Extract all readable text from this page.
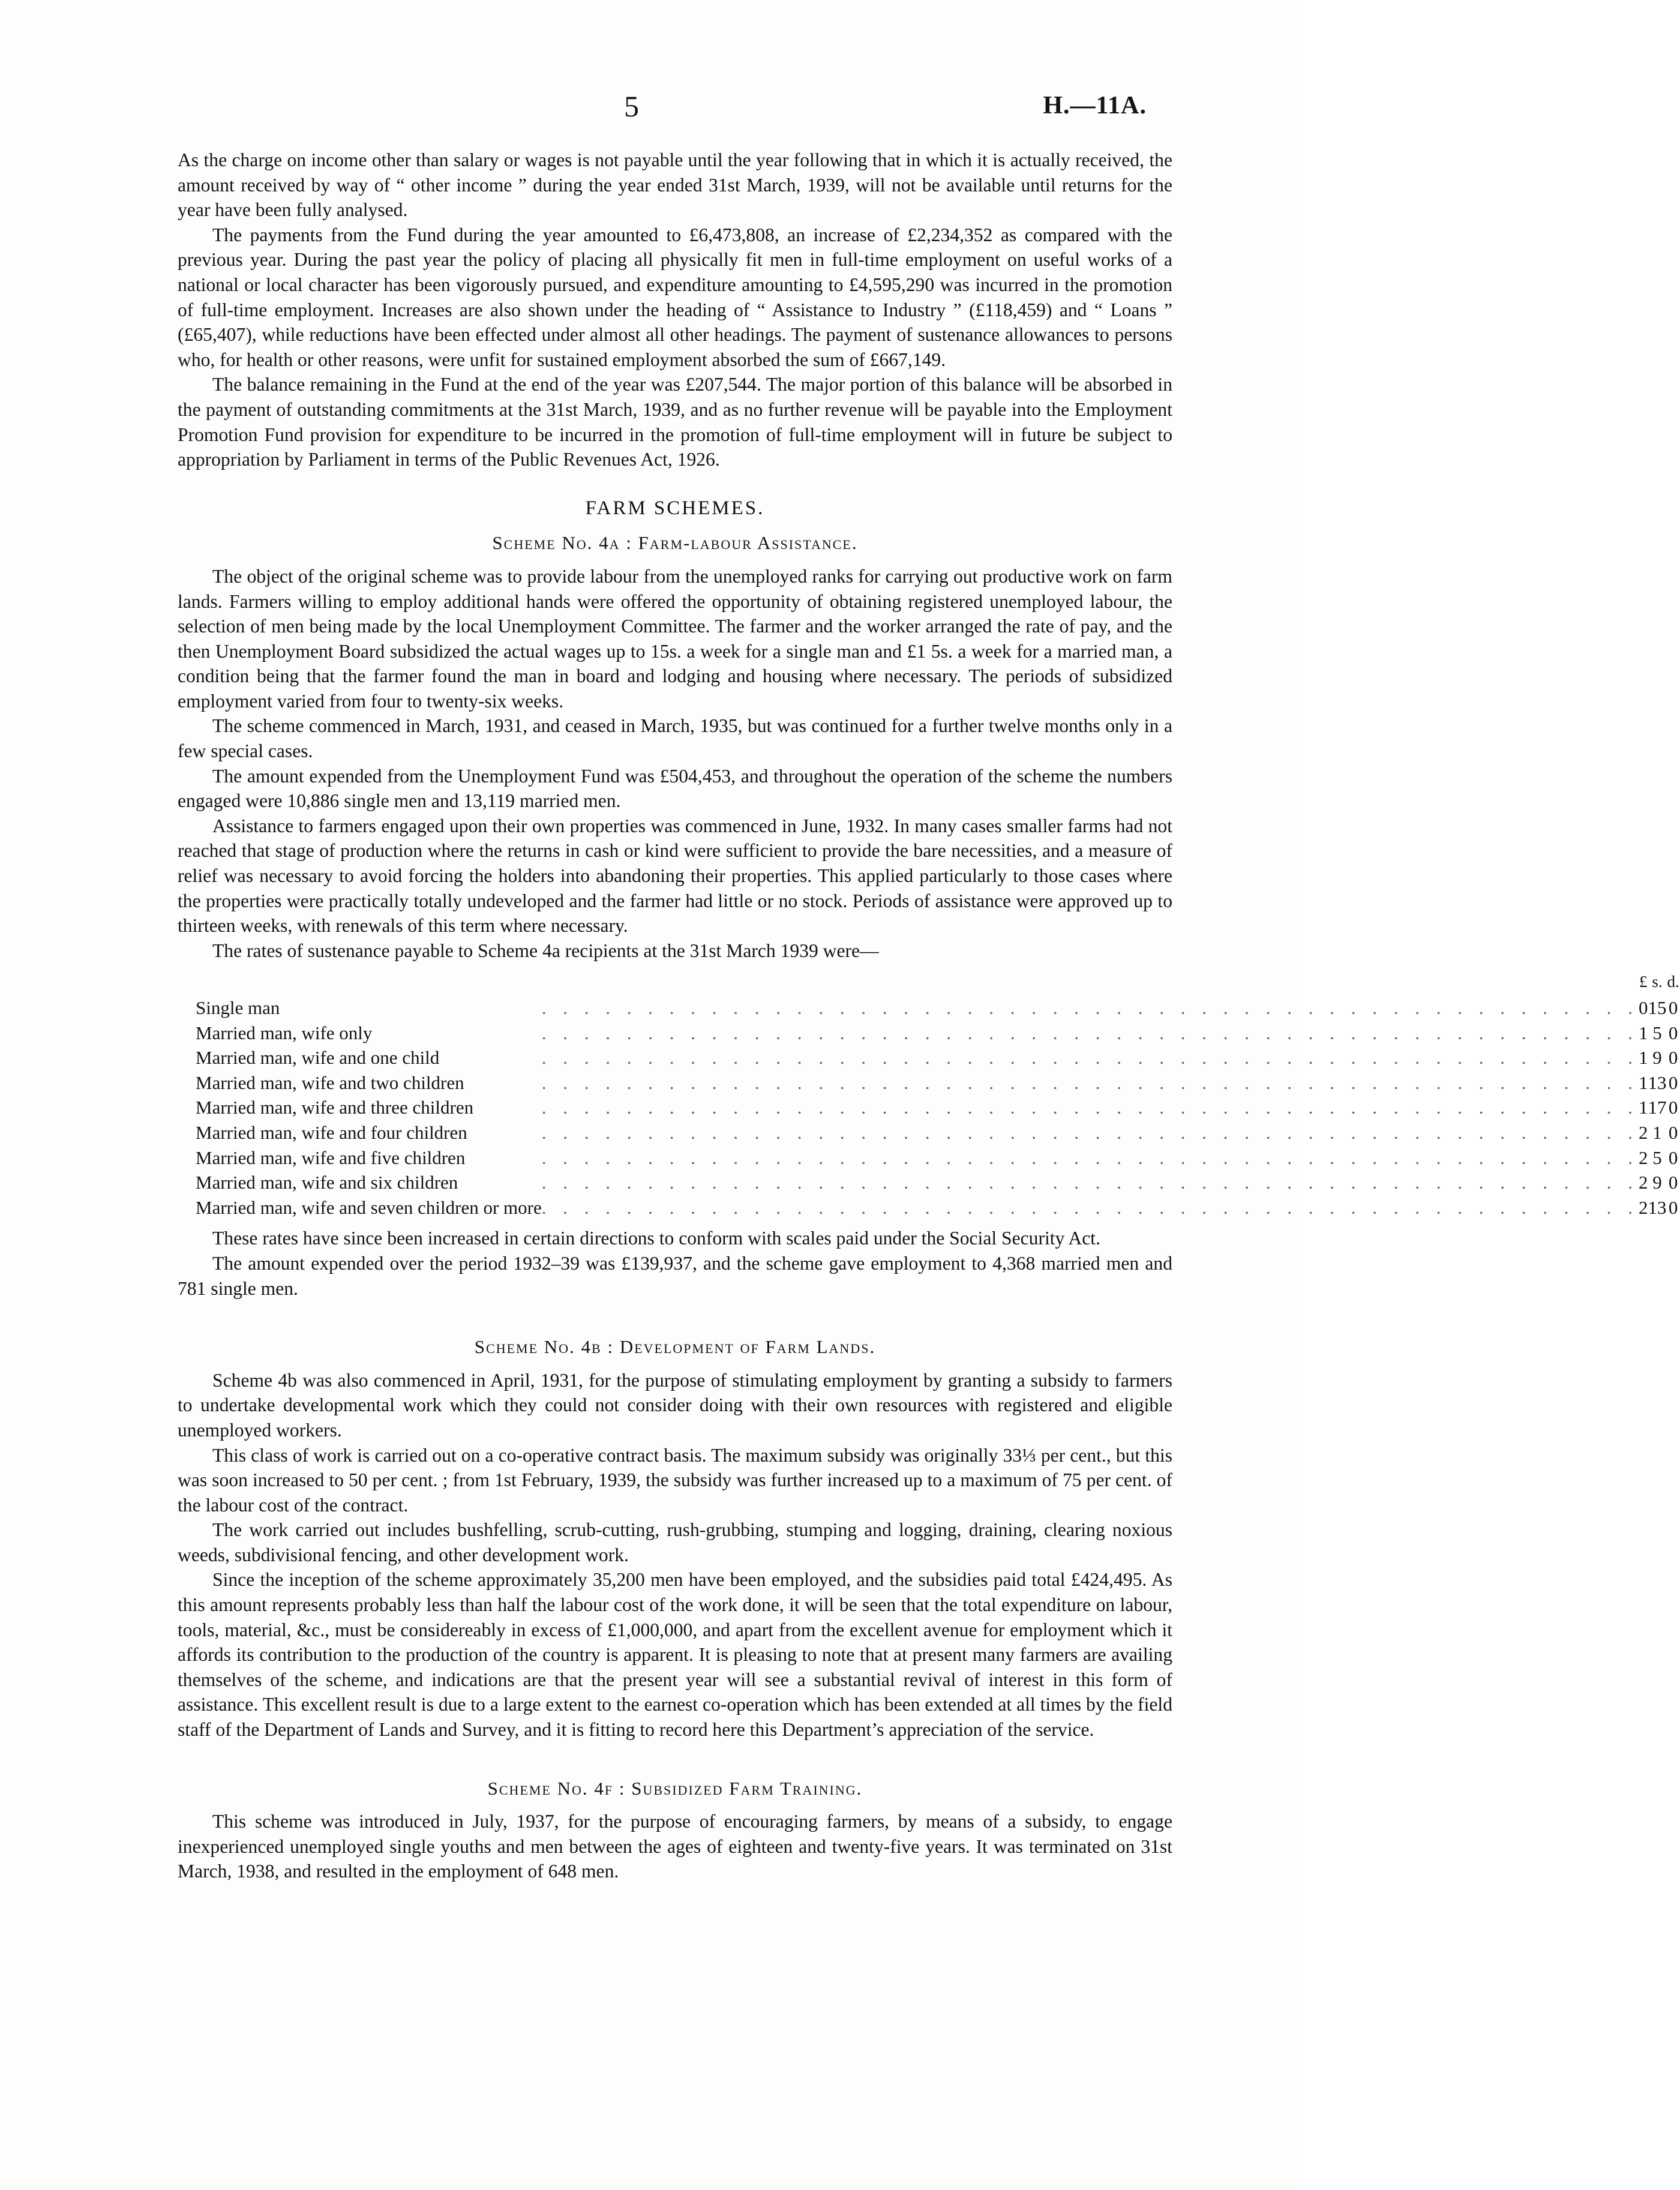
5	H.—11A.

As the charge on income other than salary or wages is not payable until the year following that in which it is actually received, the amount received by way of “ other income ” during the year ended 31st March, 1939, will not be available until returns for the year have been fully analysed.

The payments from the Fund during the year amounted to £6,473,808, an increase of £2,234,352 as compared with the previous year. During the past year the policy of placing all physically fit men in full-time employment on useful works of a national or local character has been vigorously pursued, and expenditure amounting to £4,595,290 was incurred in the promotion of full-time employment. Increases are also shown under the heading of “ Assistance to Industry ” (£118,459) and “ Loans ” (£65,407), while reductions have been effected under almost all other headings. The payment of sustenance allowances to persons who, for health or other reasons, were unfit for sustained employment absorbed the sum of £667,149.

The balance remaining in the Fund at the end of the year was £207,544. The major portion of this balance will be absorbed in the payment of outstanding commitments at the 31st March, 1939, and as no further revenue will be payable into the Employment Promotion Fund provision for expenditure to be incurred in the promotion of full-time employment will in future be subject to appropriation by Parliament in terms of the Public Revenues Act, 1926.

FARM SCHEMES.
Scheme No. 4a : Farm-labour Assistance.

The object of the original scheme was to provide labour from the unemployed ranks for carrying out productive work on farm lands. Farmers willing to employ additional hands were offered the opportunity of obtaining registered unemployed labour, the selection of men being made by the local Unemployment Committee. The farmer and the worker arranged the rate of pay, and the then Unemployment Board subsidized the actual wages up to 15s. a week for a single man and £1 5s. a week for a married man, a condition being that the farmer found the man in board and lodging and housing where necessary. The periods of subsidized employment varied from four to twenty-six weeks.

The scheme commenced in March, 1931, and ceased in March, 1935, but was continued for a further twelve months only in a few special cases.

The amount expended from the Unemployment Fund was £504,453, and throughout the operation of the scheme the numbers engaged were 10,886 single men and 13,119 married men.

Assistance to farmers engaged upon their own properties was commenced in June, 1932. In many cases smaller farms had not reached that stage of production where the returns in cash or kind were sufficient to provide the bare necessities, and a measure of relief was necessary to avoid forcing the holders into abandoning their properties. This applied particularly to those cases where the properties were practically totally undeveloped and the farmer had little or no stock. Periods of assistance were approved up to thirteen weeks, with renewals of this term where necessary.

The rates of sustenance payable to Scheme 4a recipients at the 31st March 1939 were—

		£	s.	d.
Single man	. . . . . . . . . . . . . . . . . . . . . . . . . . . . . . . . . . . . . . . . . . . . . . . . . . . .	0	15	0
Married man, wife only	. . . . . . . . . . . . . . . . . . . . . . . . . . . . . . . . . . . . . . . . . . . . . . . . . . . .	1	5	0
Married man, wife and one child	. . . . . . . . . . . . . . . . . . . . . . . . . . . . . . . . . . . . . . . . . . . . . . . . . . . .	1	9	0
Married man, wife and two children	. . . . . . . . . . . . . . . . . . . . . . . . . . . . . . . . . . . . . . . . . . . . . . . . . . . .	1	13	0
Married man, wife and three children	. . . . . . . . . . . . . . . . . . . . . . . . . . . . . . . . . . . . . . . . . . . . . . . . . . . .	1	17	0
Married man, wife and four children	. . . . . . . . . . . . . . . . . . . . . . . . . . . . . . . . . . . . . . . . . . . . . . . . . . . .	2	1	0
Married man, wife and five children	. . . . . . . . . . . . . . . . . . . . . . . . . . . . . . . . . . . . . . . . . . . . . . . . . . . .	2	5	0
Married man, wife and six children	. . . . . . . . . . . . . . . . . . . . . . . . . . . . . . . . . . . . . . . . . . . . . . . . . . . .	2	9	0
Married man, wife and seven children or more	. . . . . . . . . . . . . . . . . . . . . . . . . . . . . . . . . . . . . . . . . . . . . . . . . . . .	2	13	0

These rates have since been increased in certain directions to conform with scales paid under the Social Security Act.

The amount expended over the period 1932–39 was £139,937, and the scheme gave employment to 4,368 married men and 781 single men.

Scheme No. 4b : Development of Farm Lands.

Scheme 4b was also commenced in April, 1931, for the purpose of stimulating employment by granting a subsidy to farmers to undertake developmental work which they could not consider doing with their own resources with registered and eligible unemployed workers.

This class of work is carried out on a co-operative contract basis. The maximum subsidy was originally 33⅓ per cent., but this was soon increased to 50 per cent. ; from 1st February, 1939, the subsidy was further increased up to a maximum of 75 per cent. of the labour cost of the contract.

The work carried out includes bushfelling, scrub-cutting, rush-grubbing, stumping and logging, draining, clearing noxious weeds, subdivisional fencing, and other development work.

Since the inception of the scheme approximately 35,200 men have been employed, and the subsidies paid total £424,495. As this amount represents probably less than half the labour cost of the work done, it will be seen that the total expenditure on labour, tools, material, &c., must be considereably in excess of £1,000,000, and apart from the excellent avenue for employment which it affords its contribution to the production of the country is apparent. It is pleasing to note that at present many farmers are availing themselves of the scheme, and indications are that the present year will see a substantial revival of interest in this form of assistance. This excellent result is due to a large extent to the earnest co-operation which has been extended at all times by the field staff of the Department of Lands and Survey, and it is fitting to record here this Department’s appreciation of the service.

Scheme No. 4f : Subsidized Farm Training.

This scheme was introduced in July, 1937, for the purpose of encouraging farmers, by means of a subsidy, to engage inexperienced unemployed single youths and men between the ages of eighteen and twenty-five years. It was terminated on 31st March, 1938, and resulted in the employment of 648 men.
